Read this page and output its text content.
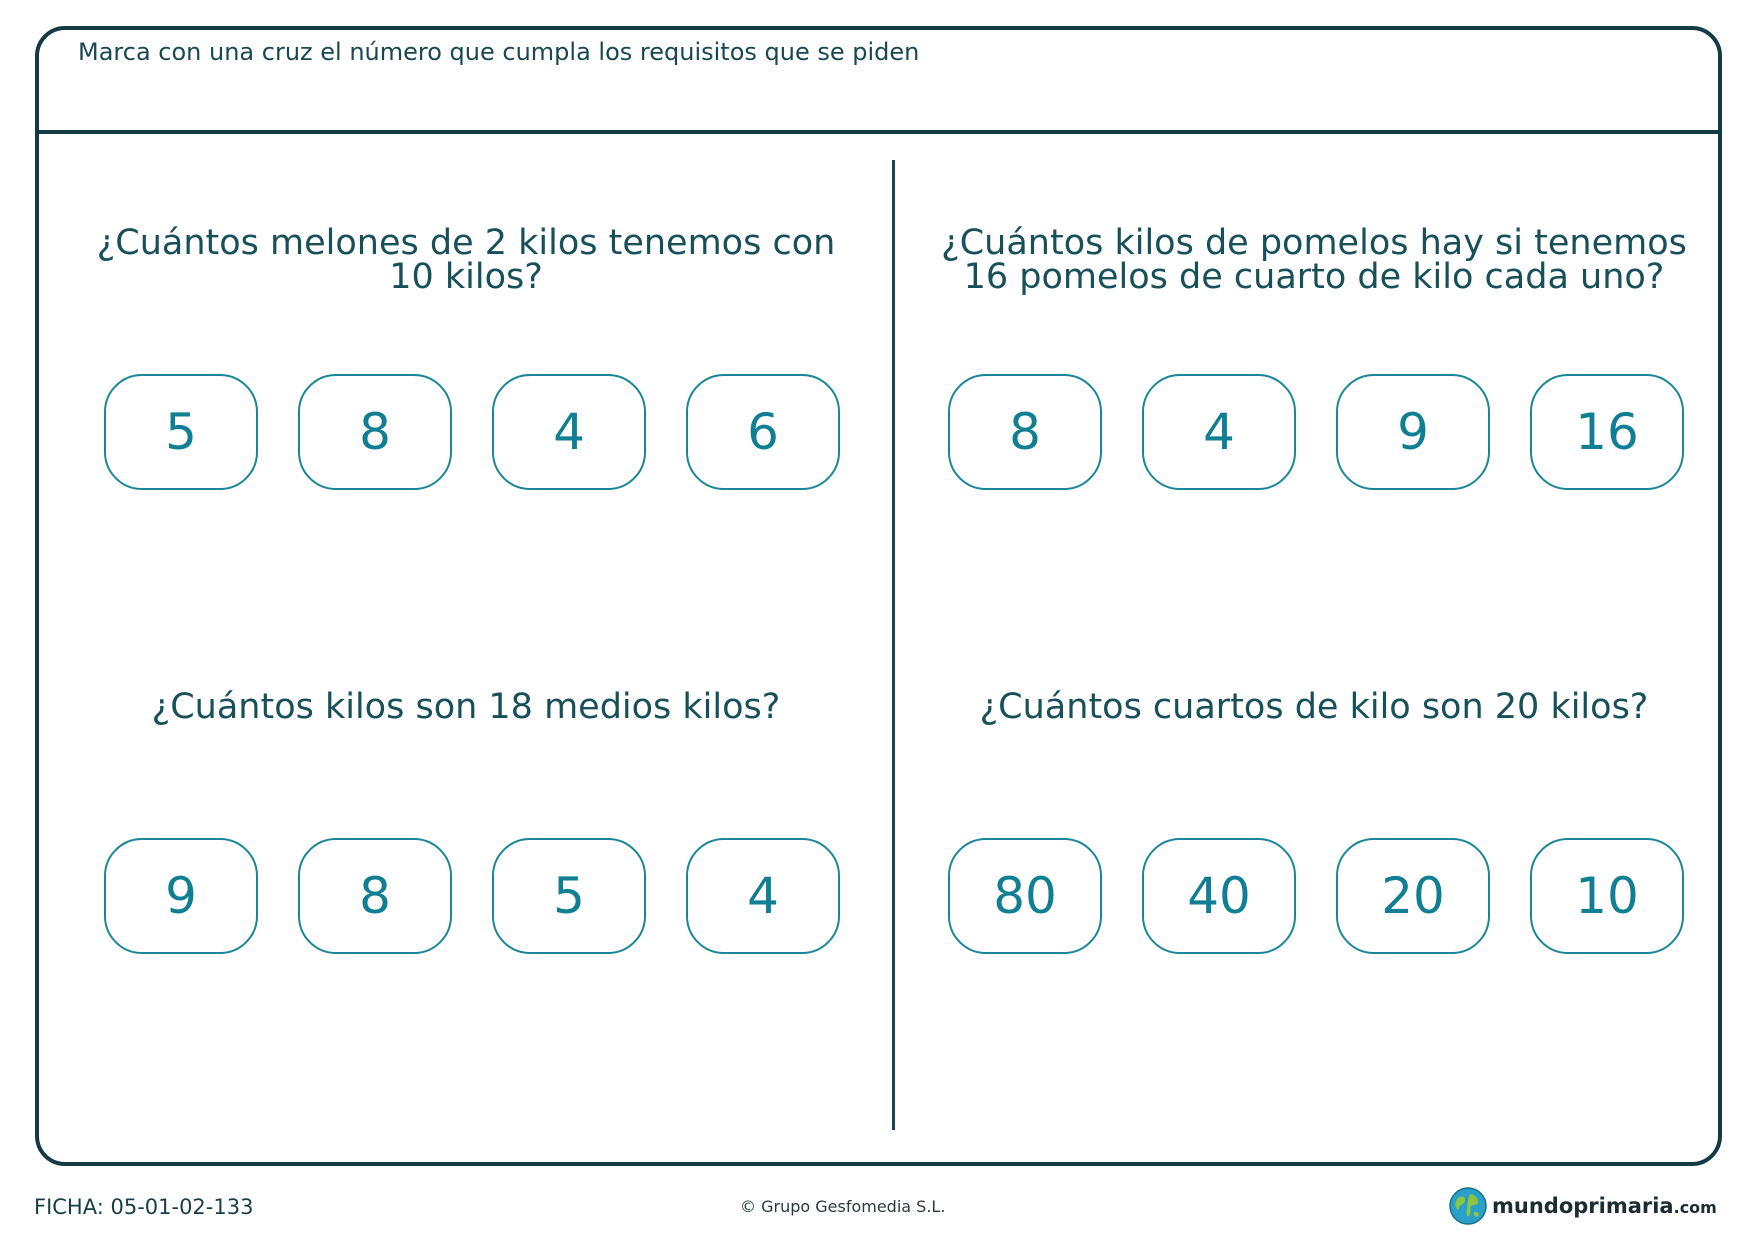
Marca con una cruz el número que cumpla los requisitos que se piden
¿Cuántos melones de 2 kilos tenemos con
10 kilos?
5	8	4	6
¿Cuántos kilos de pomelos hay si tenemos
16 pomelos de cuarto de kilo cada uno?
8	4	9	16
¿Cuántos kilos son 18 medios kilos?
9	8	5	4
¿Cuántos cuartos de kilo son 20 kilos?
80	40	20	10
FICHA: 05-01-02-133	© Grupo Gesfomedia S.L.	mundoprimaria.com
